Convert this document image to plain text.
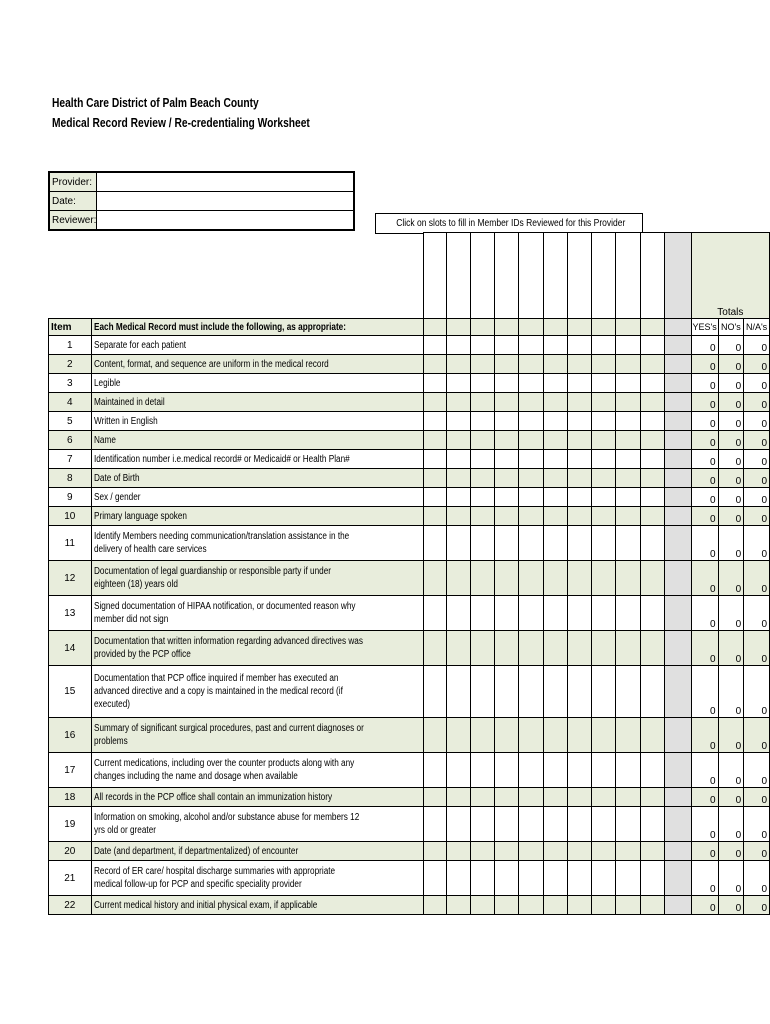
Health Care District of Palm Beach County
Medical Record Review / Re-credentialing Worksheet
Provider:	
Date:	
Reviewer:		Click on slots to fill in Member IDs Reviewed for this Provider
													Totals		
Item	Each Medical Record must include the following, as appropriate:												YES's	NO's	N/A's
1	Separate for each patient												0	0	0
2	Content, format, and sequence are uniform in the medical record												0	0	0
3	Legible												0	0	0
4	Maintained in detail												0	0	0
5	Written in English												0	0	0
6	Name												0	0	0
7	Identification number i.e.medical record# or Medicaid# or Health Plan#												0	0	0
8	Date of Birth												0	0	0
9	Sex / gender												0	0	0
10	Primary language spoken												0	0	0
11	Identify Members needing communication/translation assistance in the
delivery of health care services												0	0	0
12	Documentation of legal guardianship or responsible party if under
eighteen (18) years old												0	0	0
13	Signed documentation of HIPAA notification, or documented reason why
member did not sign												0	0	0
14	Documentation that written information regarding advanced directives was
provided by the PCP office												0	0	0
15	Documentation that PCP office inquired if member has executed an
advanced directive and a copy is maintained in the medical record (if
executed)												0	0	0
16	Summary of significant surgical procedures, past and current diagnoses or
problems												0	0	0
17	Current medications, including over the counter products along with any
changes including the name and dosage when available												0	0	0
18	All records in the PCP office shall contain an immunization history												0	0	0
19	Information on smoking, alcohol and/or substance abuse for members 12
yrs old or greater												0	0	0
20	Date (and department, if departmentalized) of encounter												0	0	0
21	Record of ER care/ hospital discharge summaries with appropriate
medical follow-up for PCP and specific speciality provider												0	0	0
22	Current medical history and initial physical exam, if applicable												0	0	0
